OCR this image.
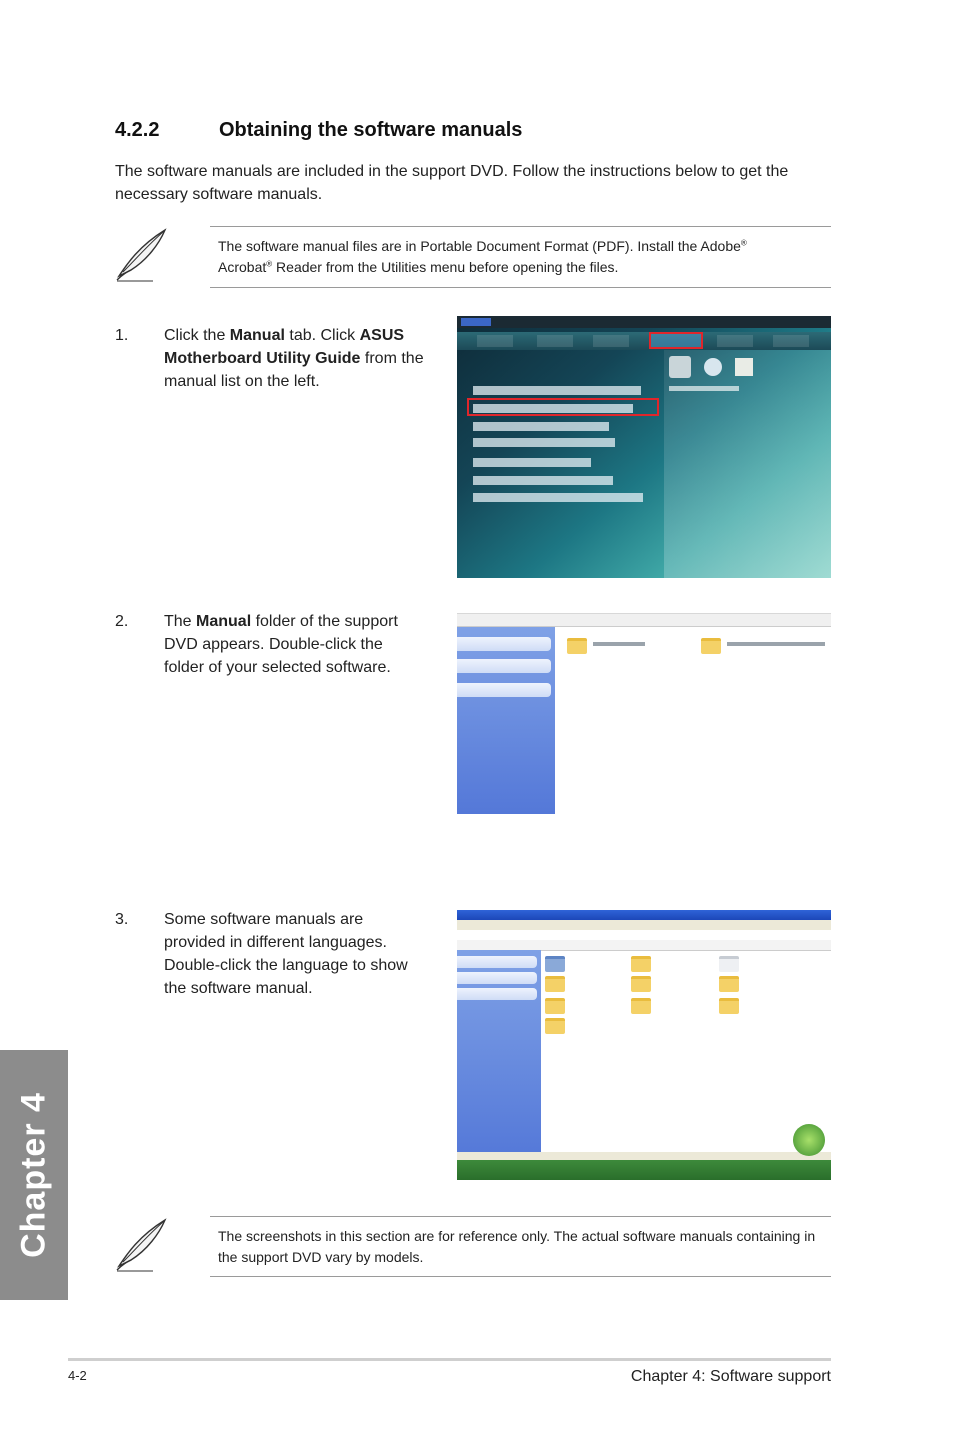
4.2.2	Obtaining the software manuals
The software manuals are included in the support DVD. Follow the instructions below to get the necessary software manuals.
The software manual files are in Portable Document Format (PDF). Install the Adobe®
Acrobat® Reader from the Utilities menu before opening the files.
1. Click the Manual tab. Click ASUS Motherboard Utility Guide from the manual list on the left.
2. The Manual folder of the support DVD appears. Double-click the folder of your selected software.
3. Some software manuals are provided in different languages. Double-click the language to show the software manual.
The screenshots in this section are for reference only. The actual software manuals containing in the support DVD vary by models.
Chapter 4
4-2	Chapter 4: Software support
